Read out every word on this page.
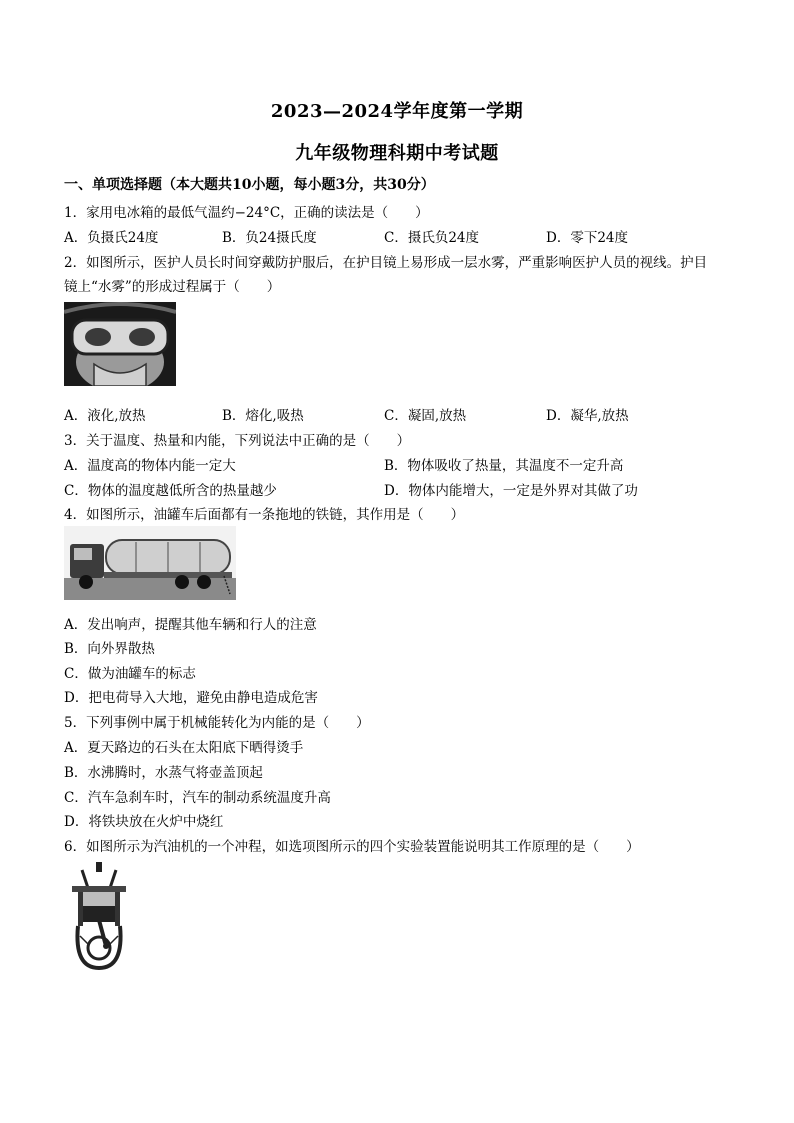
2023—2024学年度第一学期
九年级物理科期中考试题
一、单项选择题（本大题共10小题，每小题3分，共30分）
1．家用电冰箱的最低气温约−24°C，正确的读法是（　　）
A．负摄氏24度	B．负24摄氏度	C．摄氏负24度	D．零下24度
2．如图所示，医护人员长时间穿戴防护服后，在护目镜上易形成一层水雾，严重影响医护人员的视线。护目
镜上“水雾”的形成过程属于（　　）
A．液化,放热	B．熔化,吸热	C．凝固,放热	D．凝华,放热
3．关于温度、热量和内能，下列说法中正确的是（　　）
A．温度高的物体内能一定大	B．物体吸收了热量，其温度不一定升高
C．物体的温度越低所含的热量越少	D．物体内能增大，一定是外界对其做了功
4．如图所示，油罐车后面都有一条拖地的铁链，其作用是（　　）
A．发出响声，提醒其他车辆和行人的注意
B．向外界散热
C．做为油罐车的标志
D．把电荷导入大地，避免由静电造成危害
5．下列事例中属于机械能转化为内能的是（　　）
A．夏天路边的石头在太阳底下晒得烫手
B．水沸腾时，水蒸气将壶盖顶起
C．汽车急刹车时，汽车的制动系统温度升高
D．将铁块放在火炉中烧红
6．如图所示为汽油机的一个冲程，如选项图所示的四个实验装置能说明其工作原理的是（　　）
